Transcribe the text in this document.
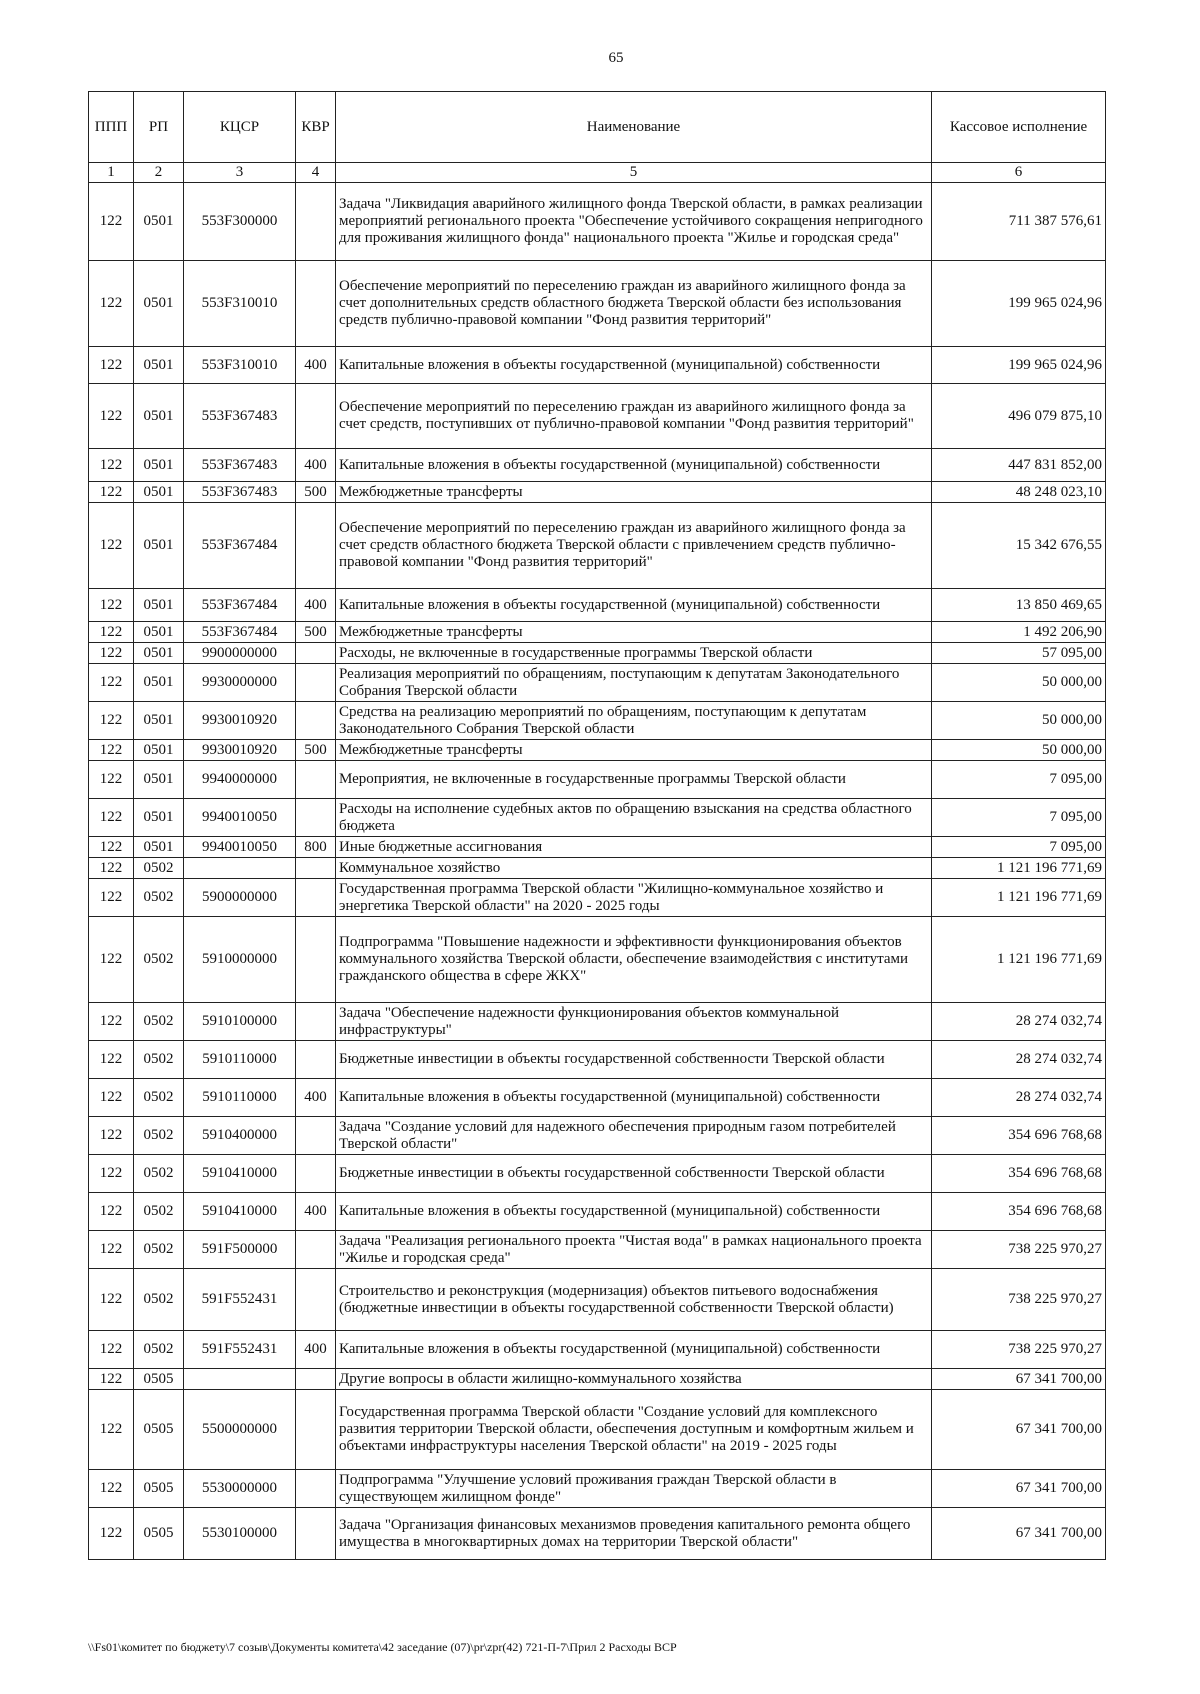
65
ППП	РП	КЦСР	КВР	Наименование	Кассовое исполнение
1	2	3	4	5	6
122	0501	553F300000		Задача "Ликвидация аварийного жилищного фонда Тверской области, в рамках реализации мероприятий регионального проекта "Обеспечение устойчивого сокращения непригодного для проживания жилищного фонда" национального проекта "Жилье и городская среда"	711 387 576,61
122	0501	553F310010		Обеспечение мероприятий по переселению граждан из аварийного жилищного фонда за счет дополнительных средств областного бюджета Тверской области без использования средств публично-правовой компании "Фонд развития территорий"	199 965 024,96
122	0501	553F310010	400	Капитальные вложения в объекты государственной (муниципальной) собственности	199 965 024,96
122	0501	553F367483		Обеспечение мероприятий по переселению граждан из аварийного жилищного фонда за счет средств, поступивших от публично-правовой компании "Фонд развития территорий"	496 079 875,10
122	0501	553F367483	400	Капитальные вложения в объекты государственной (муниципальной) собственности	447 831 852,00
122	0501	553F367483	500	Межбюджетные трансферты	48 248 023,10
122	0501	553F367484		Обеспечение мероприятий по переселению граждан из аварийного жилищного фонда за счет средств областного бюджета Тверской области с привлечением средств публично-правовой компании "Фонд развития территорий"	15 342 676,55
122	0501	553F367484	400	Капитальные вложения в объекты государственной (муниципальной) собственности	13 850 469,65
122	0501	553F367484	500	Межбюджетные трансферты	1 492 206,90
122	0501	9900000000		Расходы, не включенные в государственные программы Тверской области	57 095,00
122	0501	9930000000		Реализация мероприятий по обращениям, поступающим к депутатам Законодательного Собрания Тверской области	50 000,00
122	0501	9930010920		Средства на реализацию мероприятий по обращениям, поступающим к депутатам Законодательного Собрания Тверской области	50 000,00
122	0501	9930010920	500	Межбюджетные трансферты	50 000,00
122	0501	9940000000		Мероприятия, не включенные в государственные программы Тверской области	7 095,00
122	0501	9940010050		Расходы на исполнение судебных актов по обращению взыскания на средства областного бюджета	7 095,00
122	0501	9940010050	800	Иные бюджетные ассигнования	7 095,00
122	0502			Коммунальное хозяйство	1 121 196 771,69
122	0502	5900000000		Государственная программа Тверской области "Жилищно-коммунальное хозяйство и энергетика Тверской области" на 2020 - 2025 годы	1 121 196 771,69
122	0502	5910000000		Подпрограмма "Повышение надежности и эффективности функционирования объектов коммунального хозяйства Тверской области, обеспечение взаимодействия с институтами гражданского общества в сфере ЖКХ"	1 121 196 771,69
122	0502	5910100000		Задача "Обеспечение надежности функционирования объектов коммунальной инфраструктуры"	28 274 032,74
122	0502	5910110000		Бюджетные инвестиции в объекты государственной собственности Тверской области	28 274 032,74
122	0502	5910110000	400	Капитальные вложения в объекты государственной (муниципальной) собственности	28 274 032,74
122	0502	5910400000		Задача "Создание условий для надежного обеспечения природным газом потребителей Тверской области"	354 696 768,68
122	0502	5910410000		Бюджетные инвестиции в объекты государственной собственности Тверской области	354 696 768,68
122	0502	5910410000	400	Капитальные вложения в объекты государственной (муниципальной) собственности	354 696 768,68
122	0502	591F500000		Задача "Реализация регионального проекта "Чистая вода" в рамках национального проекта "Жилье и городская среда"	738 225 970,27
122	0502	591F552431		Строительство и реконструкция (модернизация) объектов питьевого водоснабжения (бюджетные инвестиции в объекты государственной собственности Тверской области)	738 225 970,27
122	0502	591F552431	400	Капитальные вложения в объекты государственной (муниципальной) собственности	738 225 970,27
122	0505			Другие вопросы в области жилищно-коммунального хозяйства	67 341 700,00
122	0505	5500000000		Государственная программа Тверской области "Создание условий для комплексного развития территории Тверской области, обеспечения доступным и комфортным жильем и объектами инфраструктуры населения Тверской области" на 2019 - 2025 годы	67 341 700,00
122	0505	5530000000		Подпрограмма "Улучшение условий проживания граждан Тверской области в существующем жилищном фонде"	67 341 700,00
122	0505	5530100000		Задача "Организация финансовых механизмов проведения капитального ремонта общего имущества в многоквартирных домах на территории Тверской области"	67 341 700,00
\\Fs01\комитет по бюджету\7 созыв\Документы комитета\42 заседание (07)\pr\zpr(42) 721-П-7\Прил 2 Расходы ВСР
